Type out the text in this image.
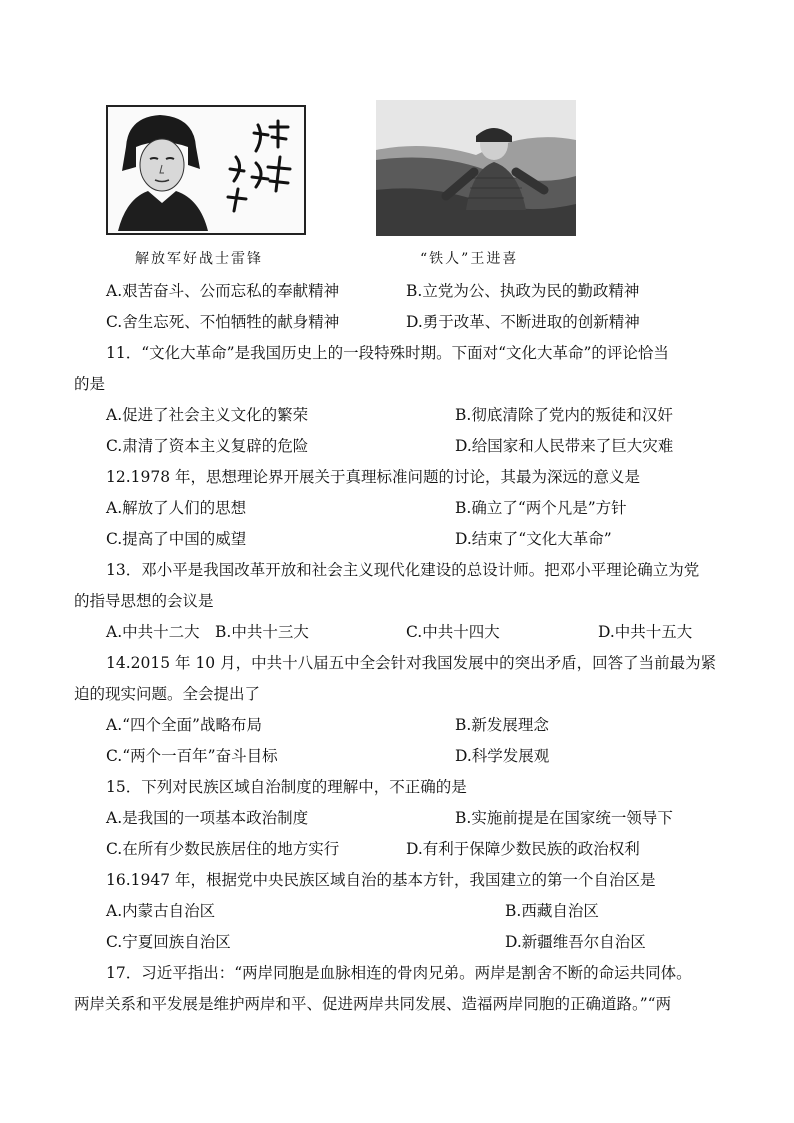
解放军好战士雷锋	“铁人”王进喜
A.艰苦奋斗、公而忘私的奉献精神	B.立党为公、执政为民的勤政精神
C.舍生忘死、不怕牺牲的献身精神	D.勇于改革、不断进取的创新精神
11．“文化大革命”是我国历史上的一段特殊时期。下面对“文化大革命”的评论恰当
的是
A.促进了社会主义文化的繁荣	B.彻底清除了党内的叛徒和汉奸
C.肃清了资本主义复辟的危险	D.给国家和人民带来了巨大灾难
12.1978 年，思想理论界开展关于真理标准问题的讨论，其最为深远的意义是
A.解放了人们的思想	B.确立了“两个凡是”方针
C.提高了中国的威望	D.结束了“文化大革命”
13．邓小平是我国改革开放和社会主义现代化建设的总设计师。把邓小平理论确立为党
的指导思想的会议是
A.中共十二大 B.中共十三大	C.中共十四大	D.中共十五大
14.2015 年 10 月，中共十八届五中全会针对我国发展中的突出矛盾，回答了当前最为紧
迫的现实问题。全会提出了
A.“四个全面”战略布局	B.新发展理念
C.“两个一百年”奋斗目标	D.科学发展观
15．下列对民族区域自治制度的理解中，不正确的是
A.是我国的一项基本政治制度	B.实施前提是在国家统一领导下
C.在所有少数民族居住的地方实行	D.有利于保障少数民族的政治权利
16.1947 年，根据党中央民族区域自治的基本方针，我国建立的第一个自治区是
A.内蒙古自治区	B.西藏自治区
C.宁夏回族自治区	D.新疆维吾尔自治区
17．习近平指出：“两岸同胞是血脉相连的骨肉兄弟。两岸是割舍不断的命运共同体。
两岸关系和平发展是维护两岸和平、促进两岸共同发展、造福两岸同胞的正确道路。”“两
